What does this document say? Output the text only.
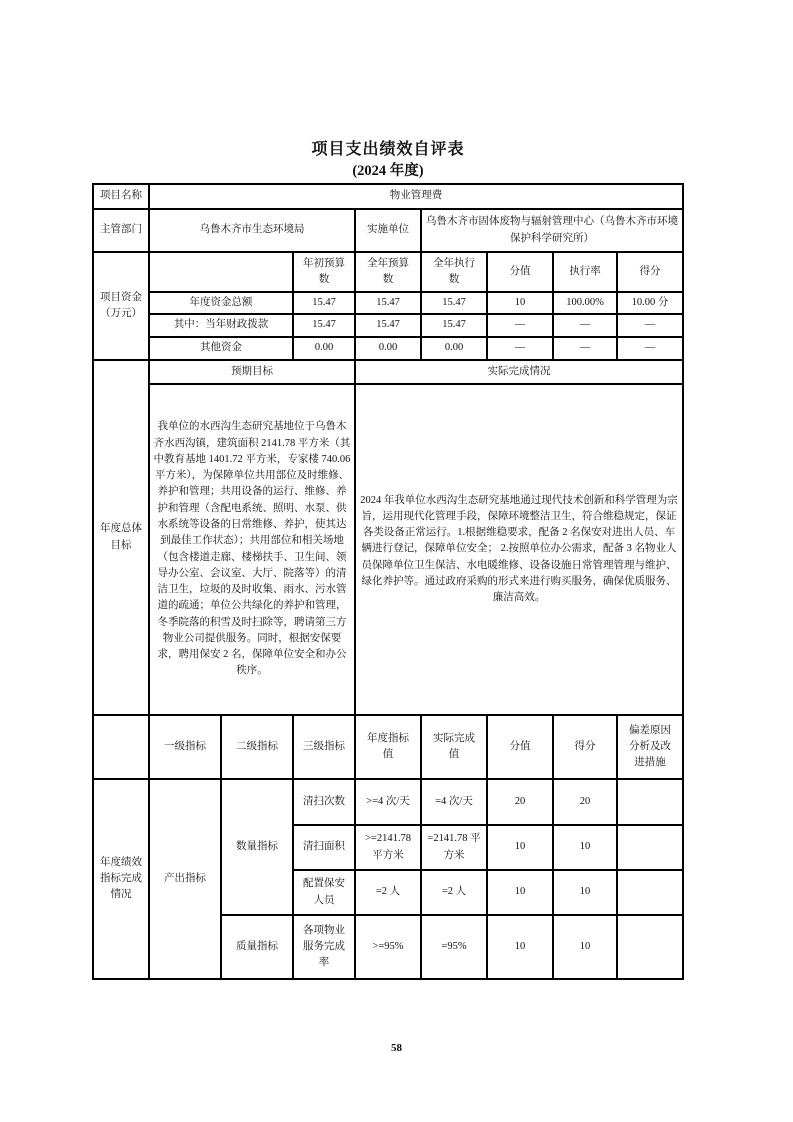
项目支出绩效自评表
(2024 年度)
项目名称	物业管理费							
主管部门	乌鲁木齐市生态环境局			实施单位	乌鲁木齐市固体废物与辐射管理中心（乌鲁木齐市环境保护科学研究所）			
项目资金（万元）			年初预算数	全年预算数	全年执行数	分值	执行率	得分
	年度资金总额		15.47	15.47	15.47	10	100.00%	10.00 分
	其中：当年财政拨款		15.47	15.47	15.47	—	—	—
	其他资金		0.00	0.00	0.00	—	—	—
年度总体目标	预期目标			实际完成情况				
	我单位的水西沟生态研究基地位于乌鲁木齐水西沟镇，建筑面积 2141.78 平方米（其中教育基地 1401.72 平方米，专家楼 740.06 平方米），为保障单位共用部位及时维修、养护和管理；共用设备的运行、维修、养护和管理（含配电系统、照明、水泵、供水系统等设备的日常维修、养护，使其达到最佳工作状态）；共用部位和相关场地（包含楼道走廊、楼梯扶手、卫生间、领导办公室、会议室、大厅、院落等）的清洁卫生，垃圾的及时收集、雨水、污水管道的疏通；单位公共绿化的养护和管理，冬季院落的积雪及时扫除等，聘请第三方物业公司提供服务。同时，根据安保要求，聘用保安 2 名，保障单位安全和办公秩序。			2024 年我单位水西沟生态研究基地通过现代技术创新和科学管理为宗旨，运用现代化管理手段，保障环境整洁卫生，符合维稳规定，保证各类设备正常运行。1.根据维稳要求，配备 2 名保安对进出人员、车辆进行登记，保障单位安全； 2.按照单位办公需求，配备 3 名物业人员保障单位卫生保洁、水电暖维修、设备设施日常管理管理与维护、绿化养护等。通过政府采购的形式来进行购买服务，确保优质服务、廉洁高效。				
	一级指标	二级指标	三级指标	年度指标值	实际完成值	分值	得分	偏差原因分析及改进措施
年度绩效指标完成情况	产出指标	数量指标	清扫次数	>=4 次/天	=4 次/天	20	20	
			清扫面积	>=2141.78 平方米	=2141.78 平方米	10	10	
			配置保安人员	=2 人	=2 人	10	10	
		质量指标	各项物业服务完成率	>=95%	=95%	10	10	
58
